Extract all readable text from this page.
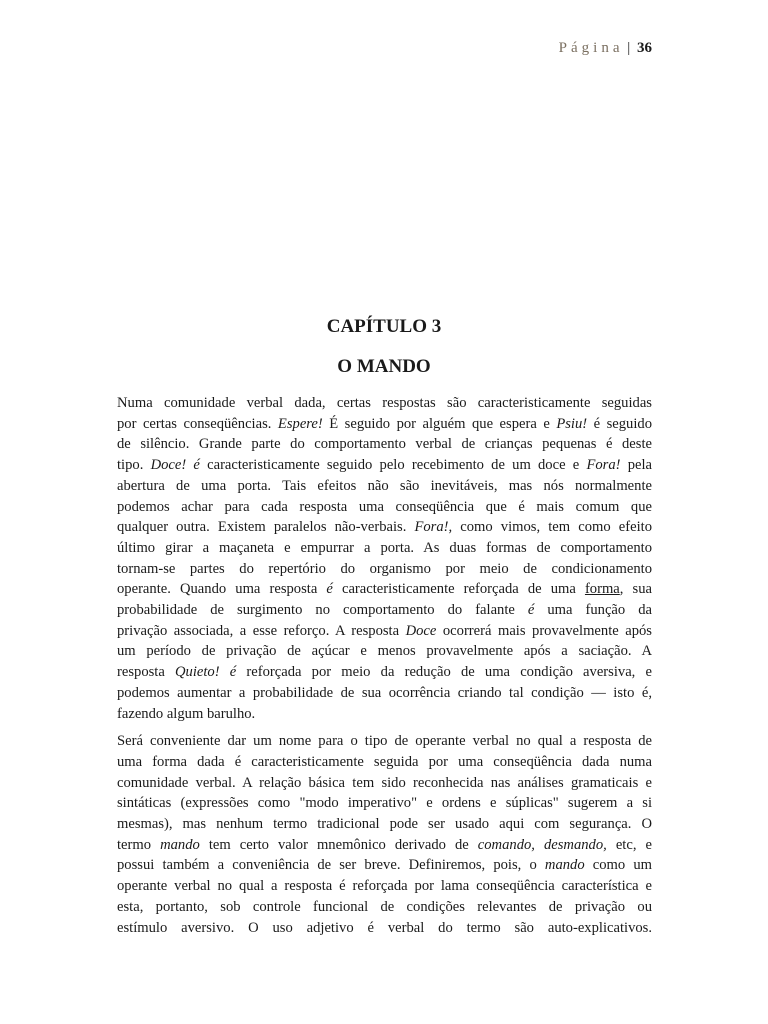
Página | 36
CAPÍTULO 3
O MANDO

Numa comunidade verbal dada, certas respostas são caracteristicamente seguidas
por certas conseqüências. Espere! É seguido por alguém que espera e Psiu! é seguido
de silêncio. Grande parte do comportamento verbal de crianças pequenas é deste
tipo. Doce! é caracteristicamente seguido pelo recebimento de um doce e Fora! pela
abertura de uma porta. Tais efeitos não são inevitáveis, mas nós normalmente
podemos achar para cada resposta uma conseqüência que é mais comum que
qualquer outra. Existem paralelos não-verbais. Fora!, como vimos, tem como efeito
último girar a maçaneta e empurrar a porta. As duas formas de comportamento
tornam-se partes do repertório do organismo por meio de condicionamento
operante. Quando uma resposta é caracteristicamente reforçada de uma forma, sua
probabilidade de surgimento no comportamento do falante é uma função da
privação associada, a esse reforço. A resposta Doce ocorrerá mais provavelmente após
um período de privação de açúcar e menos provavelmente após a saciação. A
resposta Quieto! é reforçada por meio da redução de uma condição aversiva, e
podemos aumentar a probabilidade de sua ocorrência criando tal condição — isto é,
fazendo algum barulho.

Será conveniente dar um nome para o tipo de operante verbal no qual a resposta de
uma forma dada é caracteristicamente seguida por uma conseqüência dada numa
comunidade verbal. A relação básica tem sido reconhecida nas análises gramaticais e
sintáticas (expressões como "modo imperativo" e ordens e súplicas" sugerem a si
mesmas), mas nenhum termo tradicional pode ser usado aqui com segurança. O
termo mando tem certo valor mnemônico derivado de comando, desmando, etc, e
possui também a conveniência de ser breve. Definiremos, pois, o mando como um
operante verbal no qual a resposta é reforçada por lama conseqüência característica e
esta, portanto, sob controle funcional de condições relevantes de privação ou
estímulo aversivo. O uso adjetivo é verbal do termo são auto-explicativos.
